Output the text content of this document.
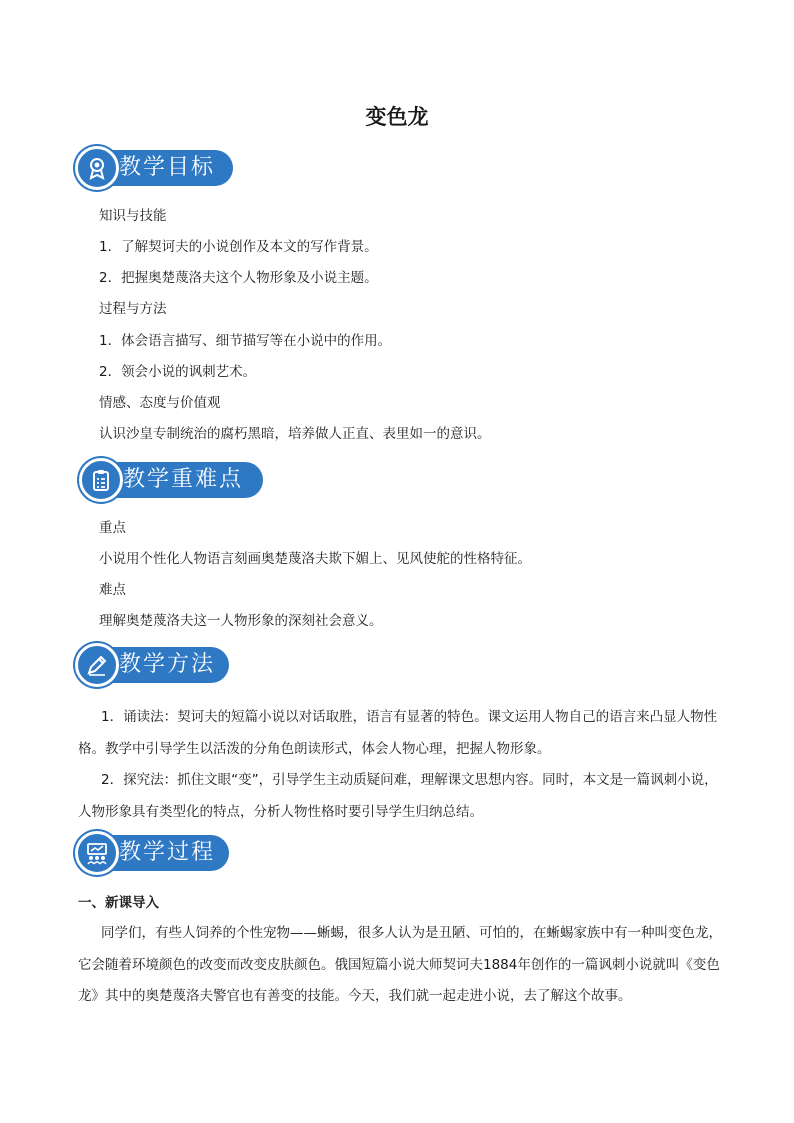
变色龙
教学目标

知识与技能

1．了解契诃夫的小说创作及本文的写作背景。

2．把握奥楚蔑洛夫这个人物形象及小说主题。

过程与方法

1．体会语言描写、细节描写等在小说中的作用。

2．领会小说的讽刺艺术。

情感、态度与价值观

认识沙皇专制统治的腐朽黑暗，培养做人正直、表里如一的意识。

教学重难点

重点

小说用个性化人物语言刻画奥楚蔑洛夫欺下媚上、见风使舵的性格特征。

难点

理解奥楚蔑洛夫这一人物形象的深刻社会意义。

教学方法

1．诵读法：契诃夫的短篇小说以对话取胜，语言有显著的特色。课文运用人物自己的语言来凸显人物性格。教学中引导学生以活泼的分角色朗读形式，体会人物心理，把握人物形象。

2．探究法：抓住文眼“变”，引导学生主动质疑问难，理解课文思想内容。同时，本文是一篇讽刺小说，人物形象具有类型化的特点，分析人物性格时要引导学生归纳总结。

教学过程

一、新课导入

同学们，有些人饲养的个性宠物——蜥蜴，很多人认为是丑陋、可怕的，在蜥蜴家族中有一种叫变色龙，它会随着环境颜色的改变而改变皮肤颜色。俄国短篇小说大师契诃夫1884年创作的一篇讽刺小说就叫《变色龙》其中的奥楚蔑洛夫警官也有善变的技能。今天，我们就一起走进小说，去了解这个故事。
